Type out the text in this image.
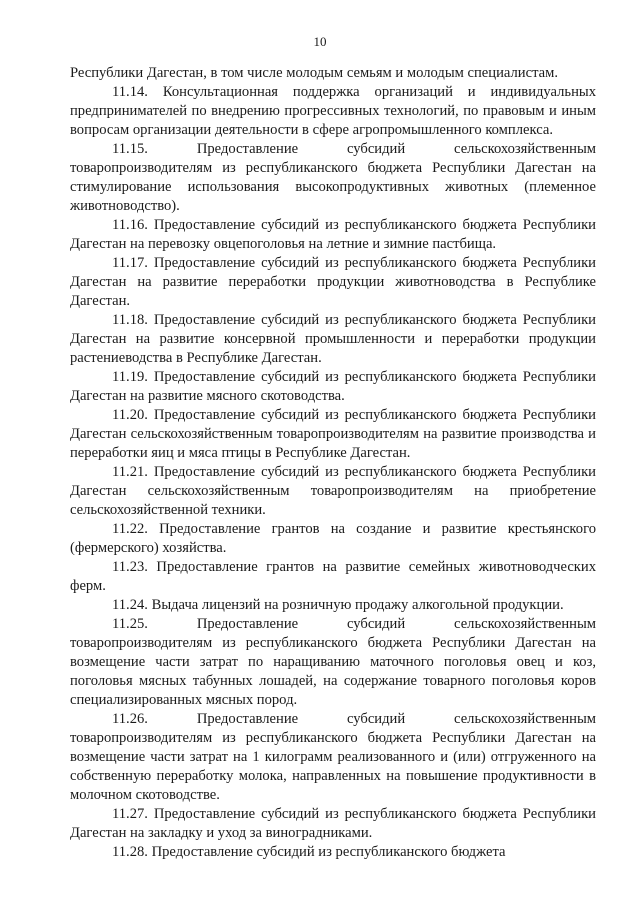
10

Республики Дагестан, в том числе молодым семьям и молодым специалистам.

11.14. Консультационная поддержка организаций и индивидуальных предпринимателей по внедрению прогрессивных технологий, по правовым и иным вопросам организации деятельности в сфере агропромышленного комплекса.

11.15. Предоставление субсидий сельскохозяйственным товаропроизводителям из республиканского бюджета Республики Дагестан на стимулирование использования высокопродуктивных животных (племенное животноводство).

11.16. Предоставление субсидий из республиканского бюджета Республики Дагестан на перевозку овцепоголовья на летние и зимние пастбища.

11.17. Предоставление субсидий из республиканского бюджета Республики Дагестан на развитие переработки продукции животноводства в Республике Дагестан.

11.18. Предоставление субсидий из республиканского бюджета Республики Дагестан на развитие консервной промышленности и переработки продукции растениеводства в Республике Дагестан.

11.19. Предоставление субсидий из республиканского бюджета Республики Дагестан на развитие мясного скотоводства.

11.20. Предоставление субсидий из республиканского бюджета Республики Дагестан сельскохозяйственным товаропроизводителям на развитие производства и переработки яиц и мяса птицы в Республике Дагестан.

11.21. Предоставление субсидий из республиканского бюджета Республики Дагестан сельскохозяйственным товаропроизводителям на приобретение сельскохозяйственной техники.

11.22. Предоставление грантов на создание и развитие крестьянского (фермерского) хозяйства.

11.23. Предоставление грантов на развитие семейных животноводческих ферм.

11.24. Выдача лицензий на розничную продажу алкогольной продукции.

11.25. Предоставление субсидий сельскохозяйственным товаропроизводителям из республиканского бюджета Республики Дагестан на возмещение части затрат по наращиванию маточного поголовья овец и коз, поголовья мясных табунных лошадей, на содержание товарного поголовья коров специализированных мясных пород.

11.26. Предоставление субсидий сельскохозяйственным товаропроизводителям из республиканского бюджета Республики Дагестан на возмещение части затрат на 1 килограмм реализованного и (или) отгруженного на собственную переработку молока, направленных на повышение продуктивности в молочном скотоводстве.

11.27. Предоставление субсидий из республиканского бюджета Республики Дагестан на закладку и уход за виноградниками.

11.28. Предоставление субсидий из республиканского бюджета
